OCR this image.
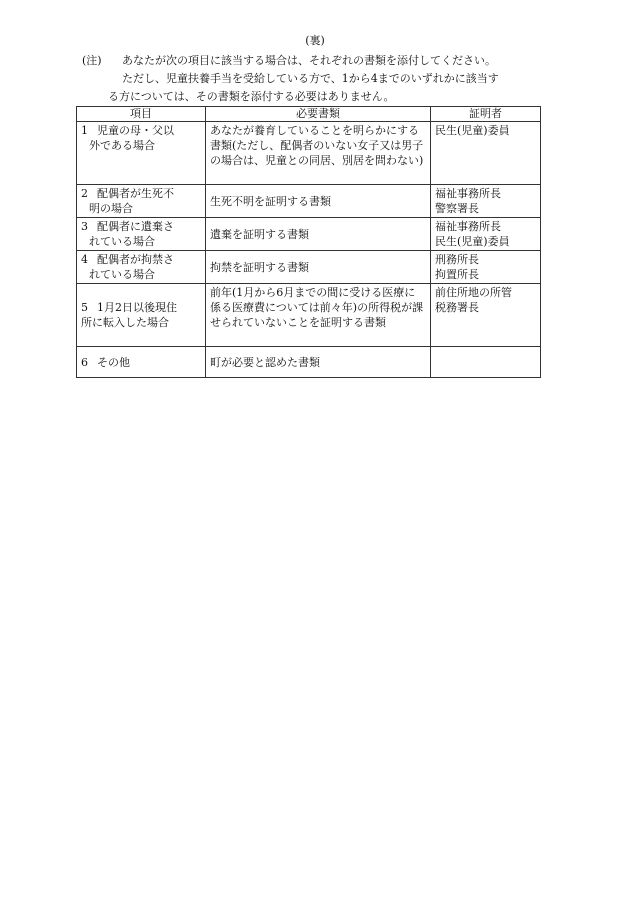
(裏)
(注)	あなたが次の項目に該当する場合は、それぞれの書類を添付してください。
ただし、児童扶養手当を受給している方で、1から4までのいずれかに該当す
る方については、その書類を添付する必要はありません。
項目	必要書類	証明者
1 児童の母・父以
外である場合	あなたが養育していることを明らかにする書類(ただし、配偶者のいない女子又は男子の場合は、児童との同居、別居を問わない)	民生(児童)委員

2 配偶者が生死不
明の場合	生死不明を証明する書類	福祉事務所長
警察署長

3 配偶者に遺棄さ
れている場合	遺棄を証明する書類	福祉事務所長
民生(児童)委員

4 配偶者が拘禁さ
れている場合	拘禁を証明する書類	刑務所長
拘置所長

5 1月2日以後現住
所に転入した場合	前年(1月から6月までの間に受ける医療に係る医療費については前々年)の所得税が課せられていないことを証明する書類	前住所地の所管
税務署長

6 その他	町が必要と認めた書類	
